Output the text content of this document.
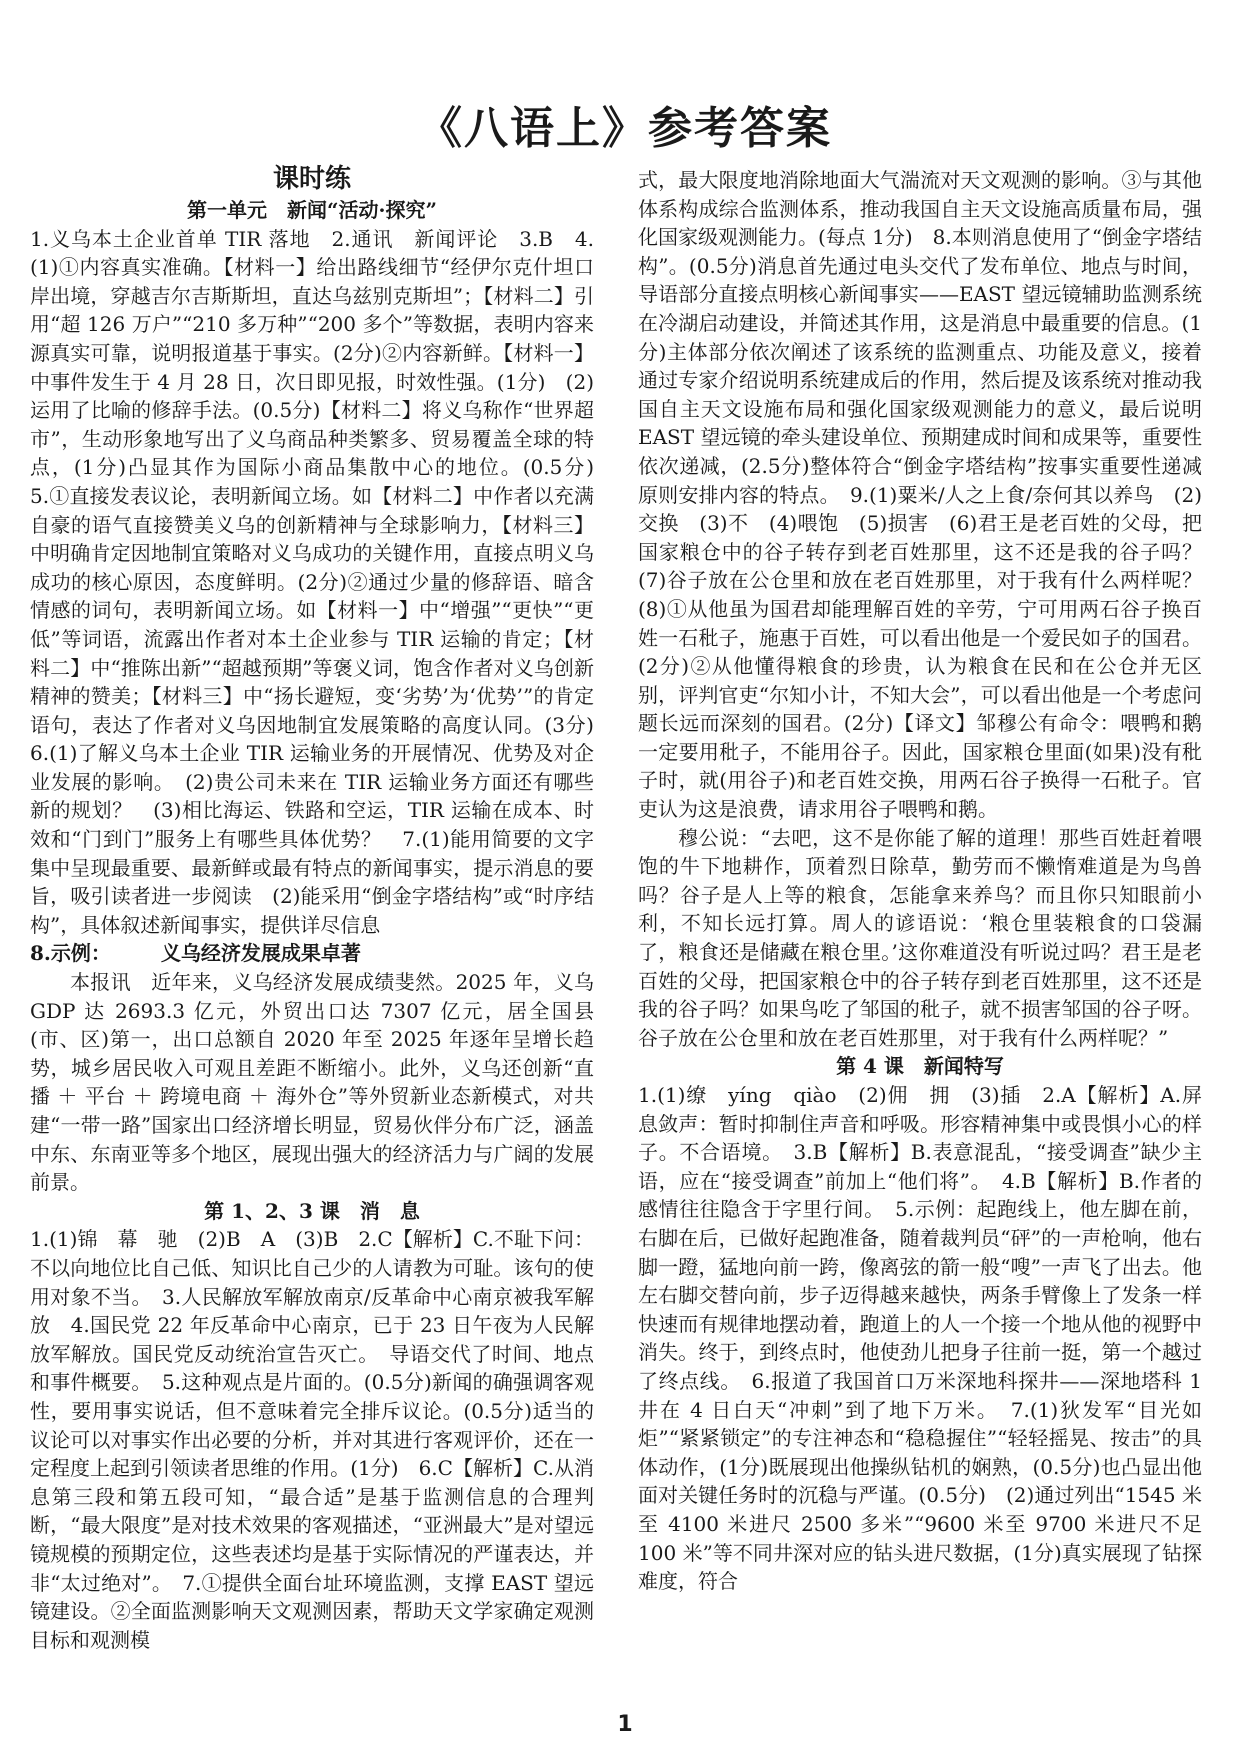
《八语上》参考答案

课时练

第一单元　新闻“活动·探究”

1.义乌本土企业首单 TIR 落地　2.通讯　新闻评论　3.B　4.(1)①内容真实准确。【材料一】给出路线细节“经伊尔克什坦口岸出境，穿越吉尔吉斯斯坦，直达乌兹别克斯坦”；【材料二】引用“超 126 万户”“210 多万种”“200 多个”等数据，表明内容来源真实可靠，说明报道基于事实。(2分)②内容新鲜。【材料一】中事件发生于 4 月 28 日，次日即见报，时效性强。(1分)　(2)运用了比喻的修辞手法。(0.5分)【材料二】将义乌称作“世界超市”，生动形象地写出了义乌商品种类繁多、贸易覆盖全球的特点，(1分)凸显其作为国际小商品集散中心的地位。(0.5分)　5.①直接发表议论，表明新闻立场。如【材料二】中作者以充满自豪的语气直接赞美义乌的创新精神与全球影响力，【材料三】中明确肯定因地制宜策略对义乌成功的关键作用，直接点明义乌成功的核心原因，态度鲜明。(2分)②通过少量的修辞语、暗含情感的词句，表明新闻立场。如【材料一】中“增强”“更快”“更低”等词语，流露出作者对本土企业参与 TIR 运输的肯定；【材料二】中“推陈出新”“超越预期”等褒义词，饱含作者对义乌创新精神的赞美；【材料三】中“扬长避短，变‘劣势’为‘优势’”的肯定语句，表达了作者对义乌因地制宜发展策略的高度认同。(3分)　6.(1)了解义乌本土企业 TIR 运输业务的开展情况、优势及对企业发展的影响。　(2)贵公司未来在 TIR 运输业务方面还有哪些新的规划？　(3)相比海运、铁路和空运，TIR 运输在成本、时效和“门到门”服务上有哪些具体优势？　7.(1)能用简要的文字集中呈现最重要、最新鲜或最有特点的新闻事实，提示消息的要旨，吸引读者进一步阅读　(2)能采用“倒金字塔结构”或“时序结构”，具体叙述新闻事实，提供详尽信息

8.示例：　　　义乌经济发展成果卓著

本报讯　近年来，义乌经济发展成绩斐然。2025 年，义乌 GDP 达 2693.3 亿元，外贸出口达 7307 亿元，居全国县(市、区)第一，出口总额自 2020 年至 2025 年逐年呈增长趋势，城乡居民收入可观且差距不断缩小。此外，义乌还创新“直播 ＋ 平台 ＋ 跨境电商 ＋ 海外仓”等外贸新业态新模式，对共建“一带一路”国家出口经济增长明显，贸易伙伴分布广泛，涵盖中东、东南亚等多个地区，展现出强大的经济活力与广阔的发展前景。

第 1、2、3 课　消　息

1.(1)锦　幕　驰　(2)B　A　(3)B　2.C【解析】C.不耻下问：不以向地位比自己低、知识比自己少的人请教为可耻。该句的使用对象不当。　3.人民解放军解放南京/反革命中心南京被我军解放　4.国民党 22 年反革命中心南京，已于 23 日午夜为人民解放军解放。国民党反动统治宣告灭亡。　导语交代了时间、地点和事件概要。　5.这种观点是片面的。(0.5分)新闻的确强调客观性，要用事实说话，但不意味着完全排斥议论。(0.5分)适当的议论可以对事实作出必要的分析，并对其进行客观评价，还在一定程度上起到引领读者思维的作用。(1分)　6.C【解析】C.从消息第三段和第五段可知，“最合适”是基于监测信息的合理判断，“最大限度”是对技术效果的客观描述，“亚洲最大”是对望远镜规模的预期定位，这些表述均是基于实际情况的严谨表达，并非“太过绝对”。　7.①提供全面台址环境监测，支撑 EAST 望远镜建设。②全面监测影响天文观测因素，帮助天文学家确定观测目标和观测模

式，最大限度地消除地面大气湍流对天文观测的影响。③与其他体系构成综合监测体系，推动我国自主天文设施高质量布局，强化国家级观测能力。(每点 1分)　8.本则消息使用了“倒金字塔结构”。(0.5分)消息首先通过电头交代了发布单位、地点与时间，导语部分直接点明核心新闻事实——EAST 望远镜辅助监测系统在冷湖启动建设，并简述其作用，这是消息中最重要的信息。(1分)主体部分依次阐述了该系统的监测重点、功能及意义，接着通过专家介绍说明系统建成后的作用，然后提及该系统对推动我国自主天文设施布局和强化国家级观测能力的意义，最后说明 EAST 望远镜的牵头建设单位、预期建成时间和成果等，重要性依次递减，(2.5分)整体符合“倒金字塔结构”按事实重要性递减原则安排内容的特点。　9.(1)粟米/人之上食/奈何其以养鸟　(2)交换　(3)不　(4)喂饱　(5)损害　(6)君王是老百姓的父母，把国家粮仓中的谷子转存到老百姓那里，这不还是我的谷子吗？　(7)谷子放在公仓里和放在老百姓那里，对于我有什么两样呢？　(8)①从他虽为国君却能理解百姓的辛劳，宁可用两石谷子换百姓一石秕子，施惠于百姓，可以看出他是一个爱民如子的国君。(2分)②从他懂得粮食的珍贵，认为粮食在民和在公仓并无区别，评判官吏“尔知小计，不知大会”，可以看出他是一个考虑问题长远而深刻的国君。(2分)【译文】邹穆公有命令：喂鸭和鹅一定要用秕子，不能用谷子。因此，国家粮仓里面(如果)没有秕子时，就(用谷子)和老百姓交换，用两石谷子换得一石秕子。官吏认为这是浪费，请求用谷子喂鸭和鹅。

穆公说：“去吧，这不是你能了解的道理！那些百姓赶着喂饱的牛下地耕作，顶着烈日除草，勤劳而不懒惰难道是为鸟兽吗？谷子是人上等的粮食，怎能拿来养鸟？而且你只知眼前小利，不知长远打算。周人的谚语说：‘粮仓里装粮食的口袋漏了，粮食还是储藏在粮仓里。’这你难道没有听说过吗？君王是老百姓的父母，把国家粮仓中的谷子转存到老百姓那里，这不还是我的谷子吗？如果鸟吃了邹国的秕子，就不损害邹国的谷子呀。谷子放在公仓里和放在老百姓那里，对于我有什么两样呢？”

第 4 课　新闻特写

1.(1)缭　yíng　qiào　(2)佣　拥　(3)插　2.A【解析】A.屏息敛声：暂时抑制住声音和呼吸。形容精神集中或畏惧小心的样子。不合语境。　3.B【解析】B.表意混乱，“接受调查”缺少主语，应在“接受调查”前加上“他们将”。　4.B【解析】B.作者的感情往往隐含于字里行间。　5.示例：起跑线上，他左脚在前，右脚在后，已做好起跑准备，随着裁判员“砰”的一声枪响，他右脚一蹬，猛地向前一跨，像离弦的箭一般“嗖”一声飞了出去。他左右脚交替向前，步子迈得越来越快，两条手臂像上了发条一样快速而有规律地摆动着，跑道上的人一个接一个地从他的视野中消失。终于，到终点时，他使劲儿把身子往前一挺，第一个越过了终点线。　6.报道了我国首口万米深地科探井——深地塔科 1 井在 4 日白天“冲刺”到了地下万米。　7.(1)狄发军“目光如炬”“紧紧锁定”的专注神态和“稳稳握住”“轻轻摇晃、按击”的具体动作，(1分)既展现出他操纵钻机的娴熟，(0.5分)也凸显出他面对关键任务时的沉稳与严谨。(0.5分)　(2)通过列出“1545 米至 4100 米进尺 2500 多米”“9600 米至 9700 米进尺不足 100 米”等不同井深对应的钻头进尺数据，(1分)真实展现了钻探难度，符合

1
